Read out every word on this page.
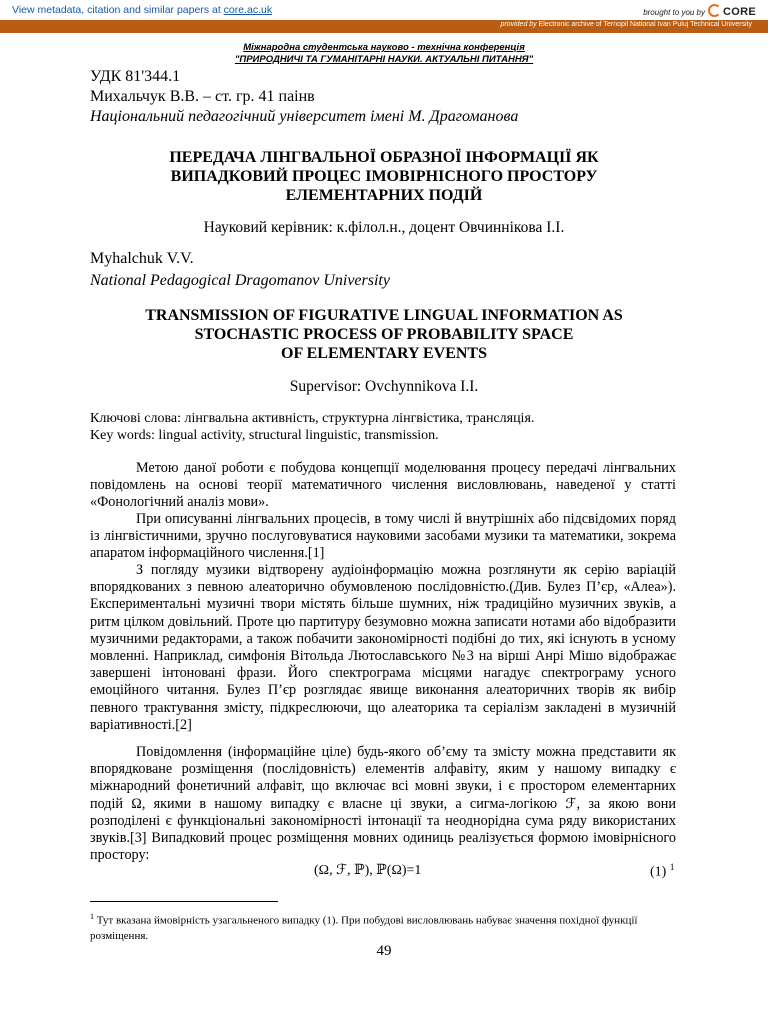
View metadata, citation and similar papers at core.ac.uk	brought to you by CORE
provided by Electronic archive of Ternopil National Ivan Puluj Technical University
Міжнародна студентська науково - технічна конференція
"ПРИРОДНИЧІ ТА ГУМАНІТАРНІ НАУКИ. АКТУАЛЬНІ ПИТАННЯ"
УДК 81'344.1
Михальчук В.В. – ст. гр. 41 паінв
Національний педагогічний університет імені М. Драгоманова
ПЕРЕДАЧА ЛІНГВАЛЬНОЇ ОБРАЗНОЇ ІНФОРМАЦІЇ ЯК
ВИПАДКОВИЙ ПРОЦЕС ІМОВІРНІСНОГО ПРОСТОРУ
ЕЛЕМЕНТАРНИХ ПОДІЙ
Науковий керівник: к.філол.н., доцент Овчиннікова І.І.
Myhalchuk V.V.
National Pedagogical Dragomanov University
TRANSMISSION OF FIGURATIVE LINGUAL INFORMATION AS
STOCHASTIC PROCESS OF PROBABILITY SPACE
OF ELEMENTARY EVENTS
Supervisor: Ovchynnikova I.I.
Ключові слова: лінгвальна активність, структурна лінгвістика, трансляція.
Key words: lingual activity, structural linguistic, transmission.

Метою даної роботи є побудова концепції моделювання процесу передачі лінгвальних повідомлень на основі теорії математичного числення висловлювань, наведеної у статті «Фонологічний аналіз мови».

При описуванні лінгвальних процесів, в тому числі й внутрішніх або підсвідомих поряд із лінгвістичними, зручно послуговуватися науковими засобами музики та математики, зокрема апаратом інформаційного числення.[1]

З погляду музики відтворену аудіоінформацію можна розглянути як серію варіацій впорядкованих з певною алеаторично обумовленою послідовністю.(Див. Булез П’єр, «Алеа»). Експериментальні музичні твори містять більше шумних, ніж традиційно музичних звуків, а ритм цілком довільний. Проте цю партитуру безумовно можна записати нотами або відобразити музичними редакторами, а також побачити закономірності подібні до тих, які існують в усному мовленні. Наприклад, симфонія Вітольда Лютославського №3 на вірші Анрі Мішо відображає завершені інтоновані фрази. Його спектрограма місцями нагадує спектрограму усного емоційного читання. Булез П’єр розглядає явище виконання алеаторичних творів як вибір певного трактування змісту, підкреслюючи, що алеаторика та серіалізм закладені в музичній варіативності.[2]

Повідомлення (інформаційне ціле) будь-якого об’єму та змісту можна представити як впорядковане розміщення (послідовність) елементів алфавіту, яким у нашому випадку є міжнародний фонетичний алфавіт, що включає всі мовні звуки, і є простором елементарних подій Ω, якими в нашому випадку є власне ці звуки, а сигма-логікою ℱ, за якою вони розподілені є функціональні закономірності інтонації та неоднорідна сума ряду використаних звуків.[3] Випадковий процес розміщення мовних одиниць реалізується формою імовірнісного простору:

(Ω, ℱ, ℙ), ℙ(Ω)=1	(1) $^1$

$^1$ Тут вказана ймовірність узагальненого випадку (1). При побудові висловлювань набуває значення похідної функції розміщення.

49
